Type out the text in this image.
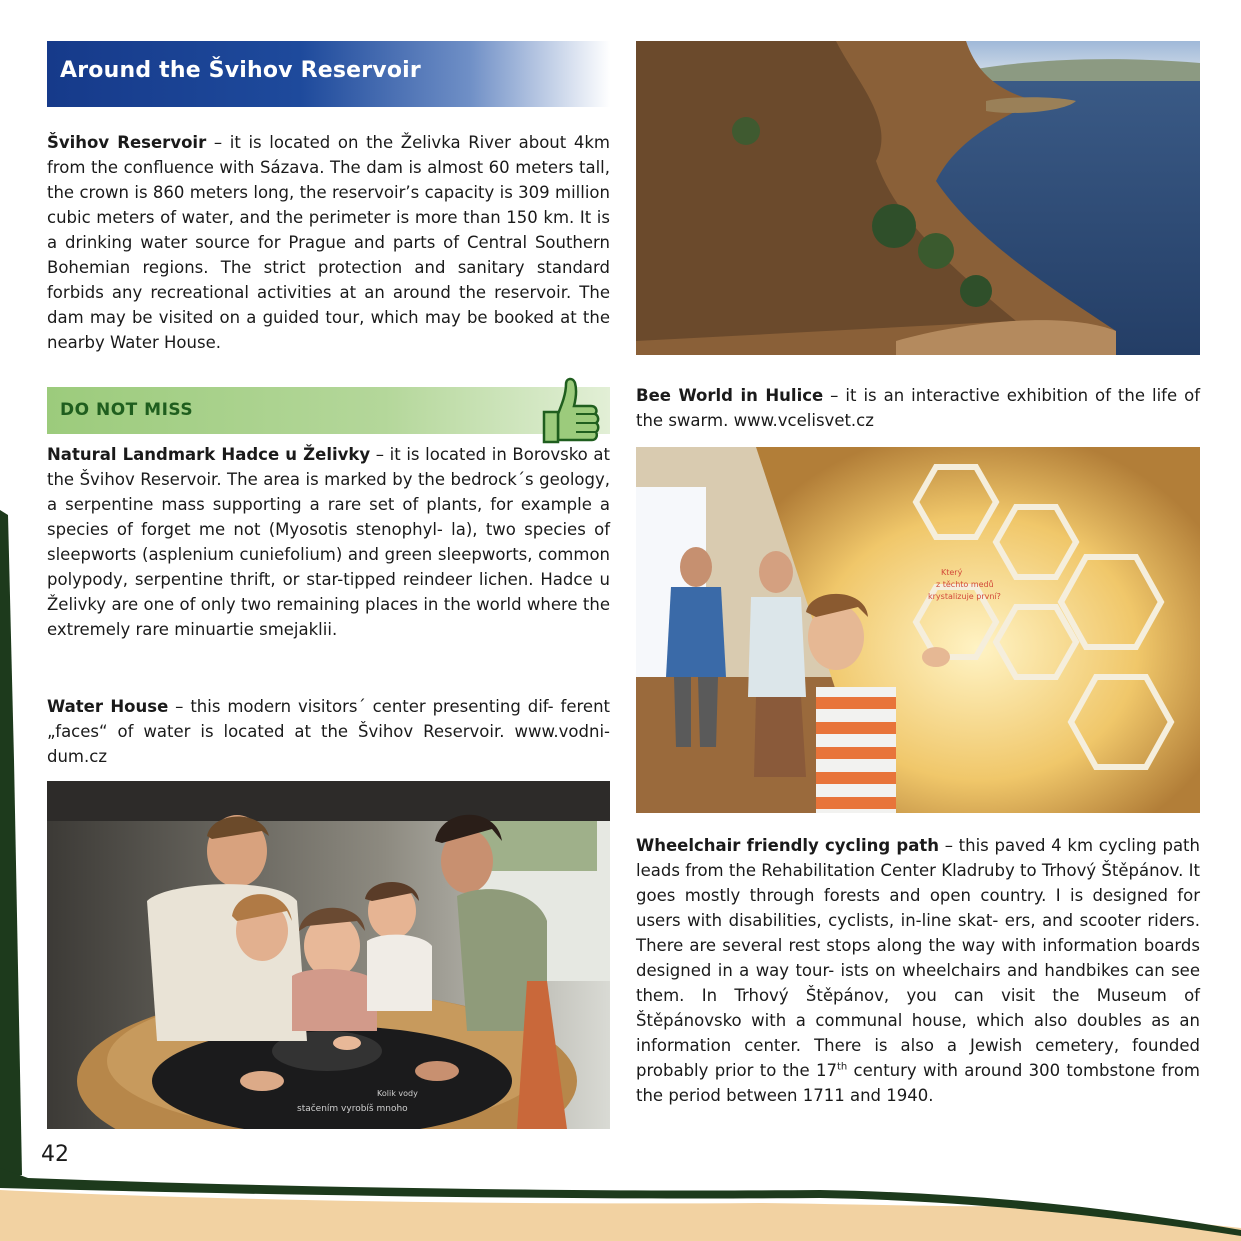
Around the Švihov Reservoir

Švihov Reservoir – it is located on the Želivka River about 4km from the confluence with Sázava. The dam is almost 60 meters tall, the crown is 860 meters long, the reservoir’s capacity is 309 million cubic meters of water, and the perimeter is more than 150 km. It is a drinking water source for Prague and parts of Central Southern Bohemian regions. The strict protection and sanitary standard forbids any recreational activities at an around the reservoir. The dam may be visited on a guided tour, which may be booked at the nearby Water House.

DO NOT MISS

Natural Landmark Hadce u Želivky – it is located in Borovsko at the Švihov Reservoir. The area is marked by the bedrock´s geology, a serpentine mass supporting a rare set of plants, for example a species of forget me not (Myosotis stenophyl- la), two species of sleepworts (asplenium cuniefolium) and green sleepworts, common polypody, serpentine thrift, or star-tipped reindeer lichen. Hadce u Želivky are one of only two remaining places in the world where the extremely rare minuartie smejaklii.

Water House – this modern visitors´ center presenting dif- ferent „faces“ of water is located at the Švihov Reservoir. www.vodni-dum.cz

stačením vyrobíš mnoho
Kolik vody

Bee World in Hulice – it is an interactive exhibition of the life of the swarm. www.vcelisvet.cz

Který
z těchto medů
krystalizuje první?

Wheelchair friendly cycling path – this paved 4 km cycling path leads from the Rehabilitation Center Kladruby to Trhový Štěpánov. It goes mostly through forests and open country. I is designed for users with disabilities, cyclists, in-line skat- ers, and scooter riders. There are several rest stops along the way with information boards designed in a way tour- ists on wheelchairs and handbikes can see them. In Trhový Štěpánov, you can visit the Museum of Štěpánovsko with a communal house, which also doubles as an information center. There is also a Jewish cemetery, founded probably prior to the 17th century with around 300 tombstone from the period between 1711 and 1940.

42
